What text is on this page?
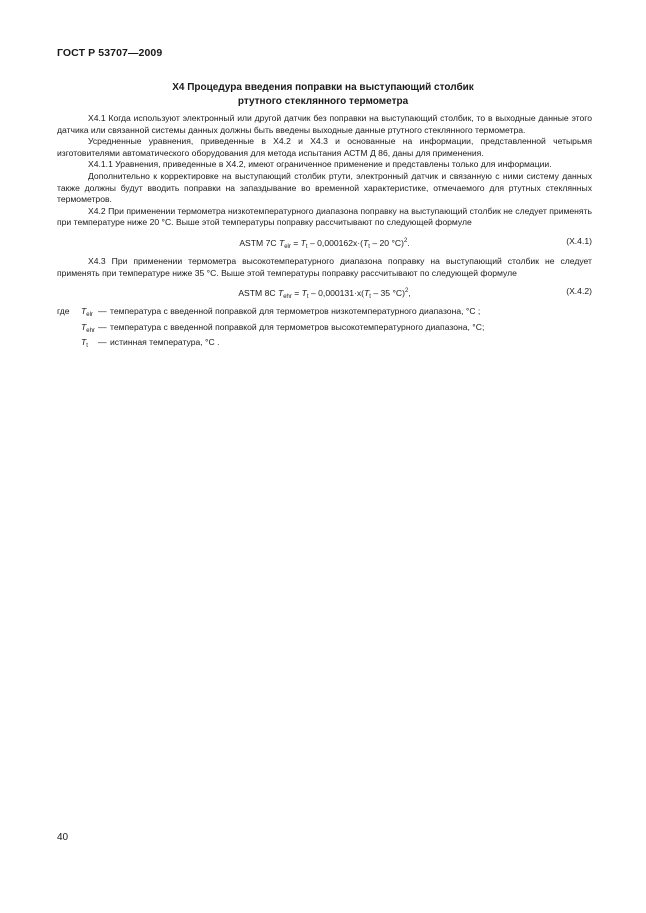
ГОСТ Р 53707—2009
Х4 Процедура введения поправки на выступающий столбик
ртутного стеклянного термометра

Х4.1 Когда используют электронный или другой датчик без поправки на выступающий столбик, то в выходные данные этого датчика или связанной системы данных должны быть введены выходные данные ртутного стеклянного термометра.

Усредненные уравнения, приведенные в Х4.2 и Х4.3 и основанные на информации, представленной четырьмя изготовителями автоматического оборудования для метода испытания АСТМ Д 86, даны для применения.

Х4.1.1 Уравнения, приведенные в Х4.2, имеют ограниченное применение и представлены только для информации.

Дополнительно к корректировке на выступающий столбик ртути, электронный датчик и связанную с ними систему данных также должны будут вводить поправки на запаздывание во временной характеристике, отмечаемого для ртутных стеклянных термометров.

Х4.2 При применении термометра низкотемпературного диапазона поправку на выступающий столбик не следует применять при температуре ниже 20 °С. Выше этой температуры поправку рассчитывают по следующей формуле

ASTM 7C $T_{elr} = T_t - 0,000162x\cdot(T_t - 20$ °C)$^2$.	(Х.4.1)

Х4.3 При применении термометра высокотемпературного диапазона поправку на выступающий столбик не следует применять при температуре ниже 35 °С. Выше этой температуры поправку рассчитывают по следующей формуле

ASTM 8C $T_{ehr} = T_t - 0,000131\cdot x(T_t - 35$ °C)$^2$,	(Х.4.2)
где	$T_{elr}$ — температура с введенной поправкой для термометров низкотемпературного диапазона, °С ;
$T_{ehr}$ — температура с введенной поправкой для термометров высокотемпературного диапазона, °С;
$T_t$	— истинная температура, °С .
40
